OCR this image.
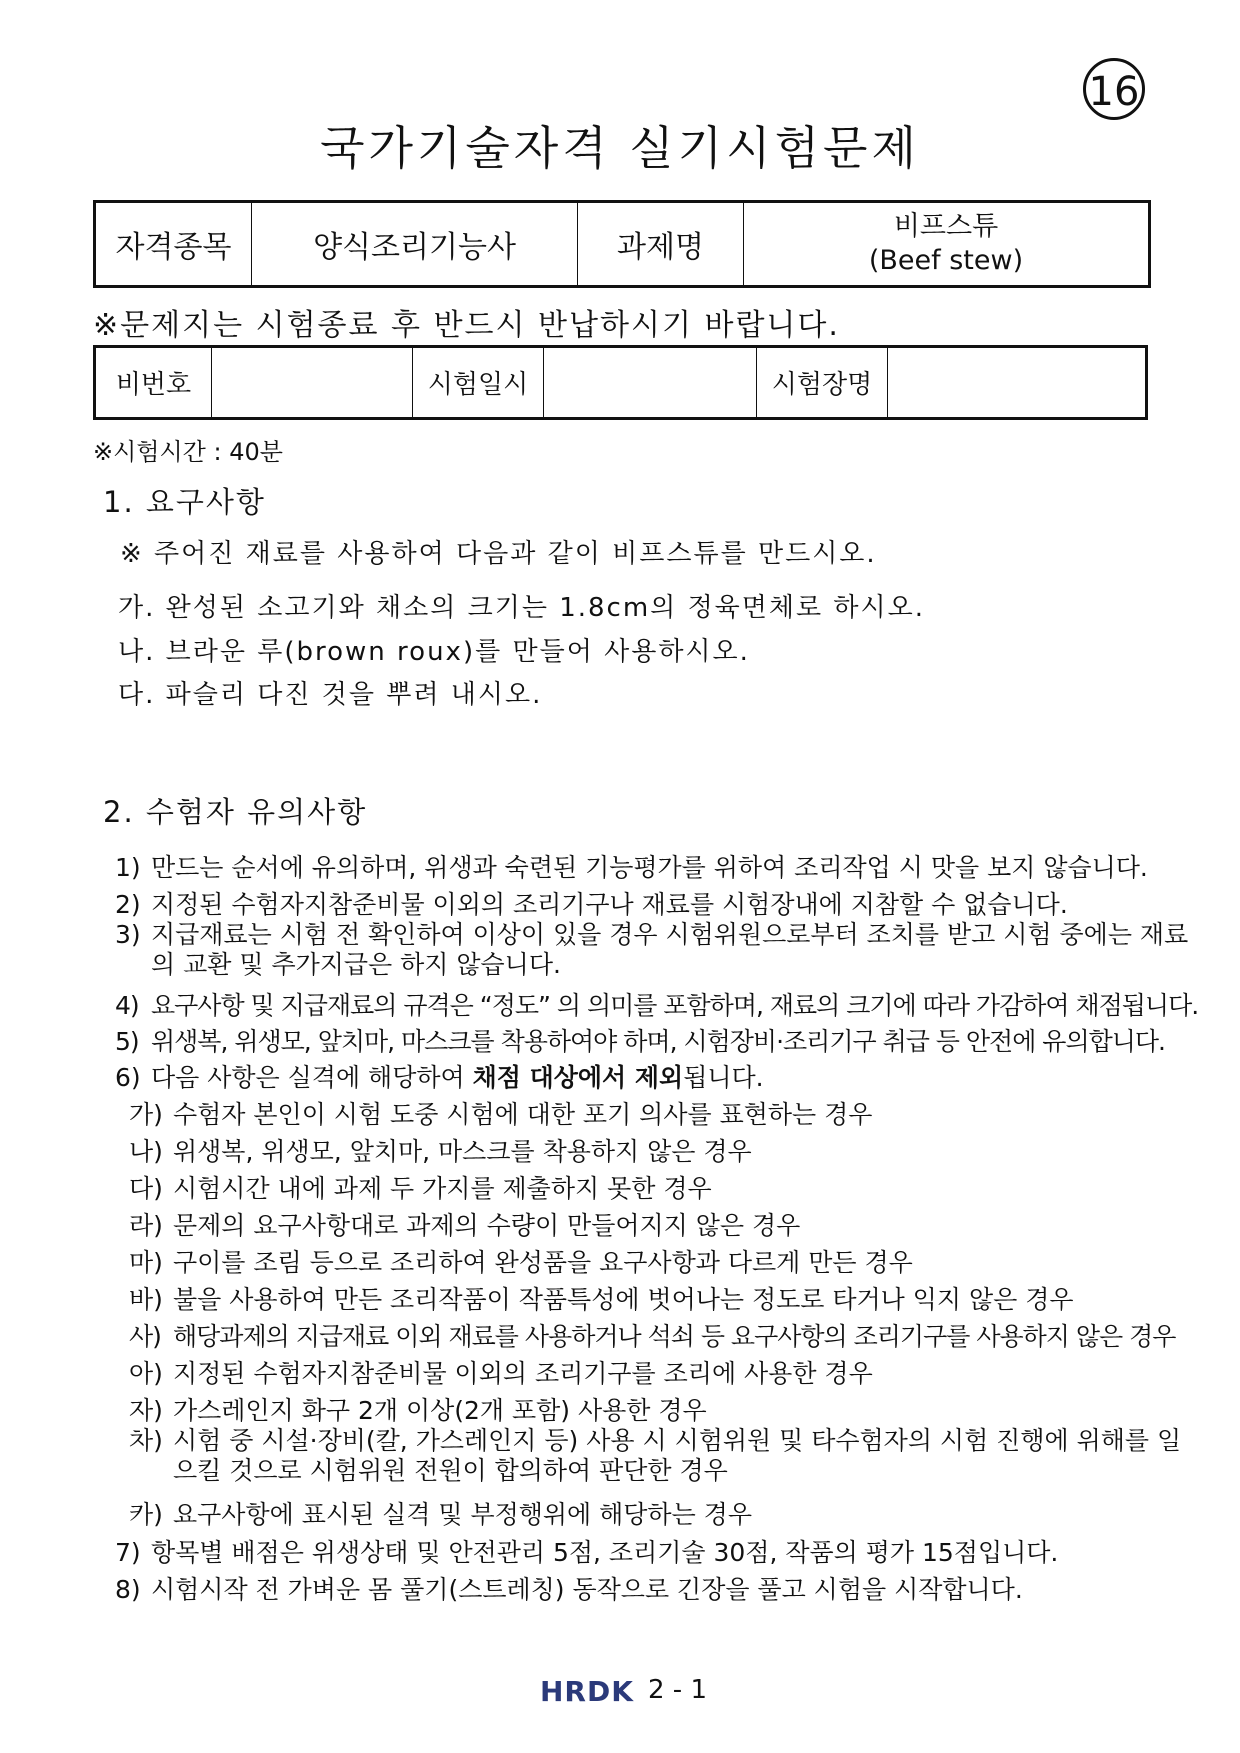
16
국가기술자격 실기시험문제
자격종목	양식조리기능사	과제명	
비프스튜
(Beef stew)
※문제지는 시험종료 후 반드시 반납하시기 바랍니다.
비번호		시험일시		시험장명	
※시험시간 : 40분
1. 요구사항
※ 주어진 재료를 사용하여 다음과 같이 비프스튜를 만드시오.
가. 완성된 소고기와 채소의 크기는 1.8cm의 정육면체로 하시오.
나. 브라운 루(brown roux)를 만들어 사용하시오.
다. 파슬리 다진 것을 뿌려 내시오.
2. 수험자 유의사항
1) 만드는 순서에 유의하며, 위생과 숙련된 기능평가를 위하여 조리작업 시 맛을 보지 않습니다.
2) 지정된 수험자지참준비물 이외의 조리기구나 재료를 시험장내에 지참할 수 없습니다.
3) 지급재료는 시험 전 확인하여 이상이 있을 경우 시험위원으로부터 조치를 받고 시험 중에는 재료의 교환 및 추가지급은 하지 않습니다.
4) 요구사항 및 지급재료의 규격은 “정도” 의 의미를 포함하며, 재료의 크기에 따라 가감하여 채점됩니다.
5) 위생복, 위생모, 앞치마, 마스크를 착용하여야 하며, 시험장비·조리기구 취급 등 안전에 유의합니다.
6) 다음 사항은 실격에 해당하여 채점 대상에서 제외됩니다.
가) 수험자 본인이 시험 도중 시험에 대한 포기 의사를 표현하는 경우
나) 위생복, 위생모, 앞치마, 마스크를 착용하지 않은 경우
다) 시험시간 내에 과제 두 가지를 제출하지 못한 경우
라) 문제의 요구사항대로 과제의 수량이 만들어지지 않은 경우
마) 구이를 조림 등으로 조리하여 완성품을 요구사항과 다르게 만든 경우
바) 불을 사용하여 만든 조리작품이 작품특성에 벗어나는 정도로 타거나 익지 않은 경우
사) 해당과제의 지급재료 이외 재료를 사용하거나 석쇠 등 요구사항의 조리기구를 사용하지 않은 경우
아) 지정된 수험자지참준비물 이외의 조리기구를 조리에 사용한 경우
자) 가스레인지 화구 2개 이상(2개 포함) 사용한 경우
차) 시험 중 시설·장비(칼, 가스레인지 등) 사용 시 시험위원 및 타수험자의 시험 진행에 위해를 일으킬 것으로 시험위원 전원이 합의하여 판단한 경우
카) 요구사항에 표시된 실격 및 부정행위에 해당하는 경우
7) 항목별 배점은 위생상태 및 안전관리 5점, 조리기술 30점, 작품의 평가 15점입니다.
8) 시험시작 전 가벼운 몸 풀기(스트레칭) 동작으로 긴장을 풀고 시험을 시작합니다.
HRDK 2 - 1
